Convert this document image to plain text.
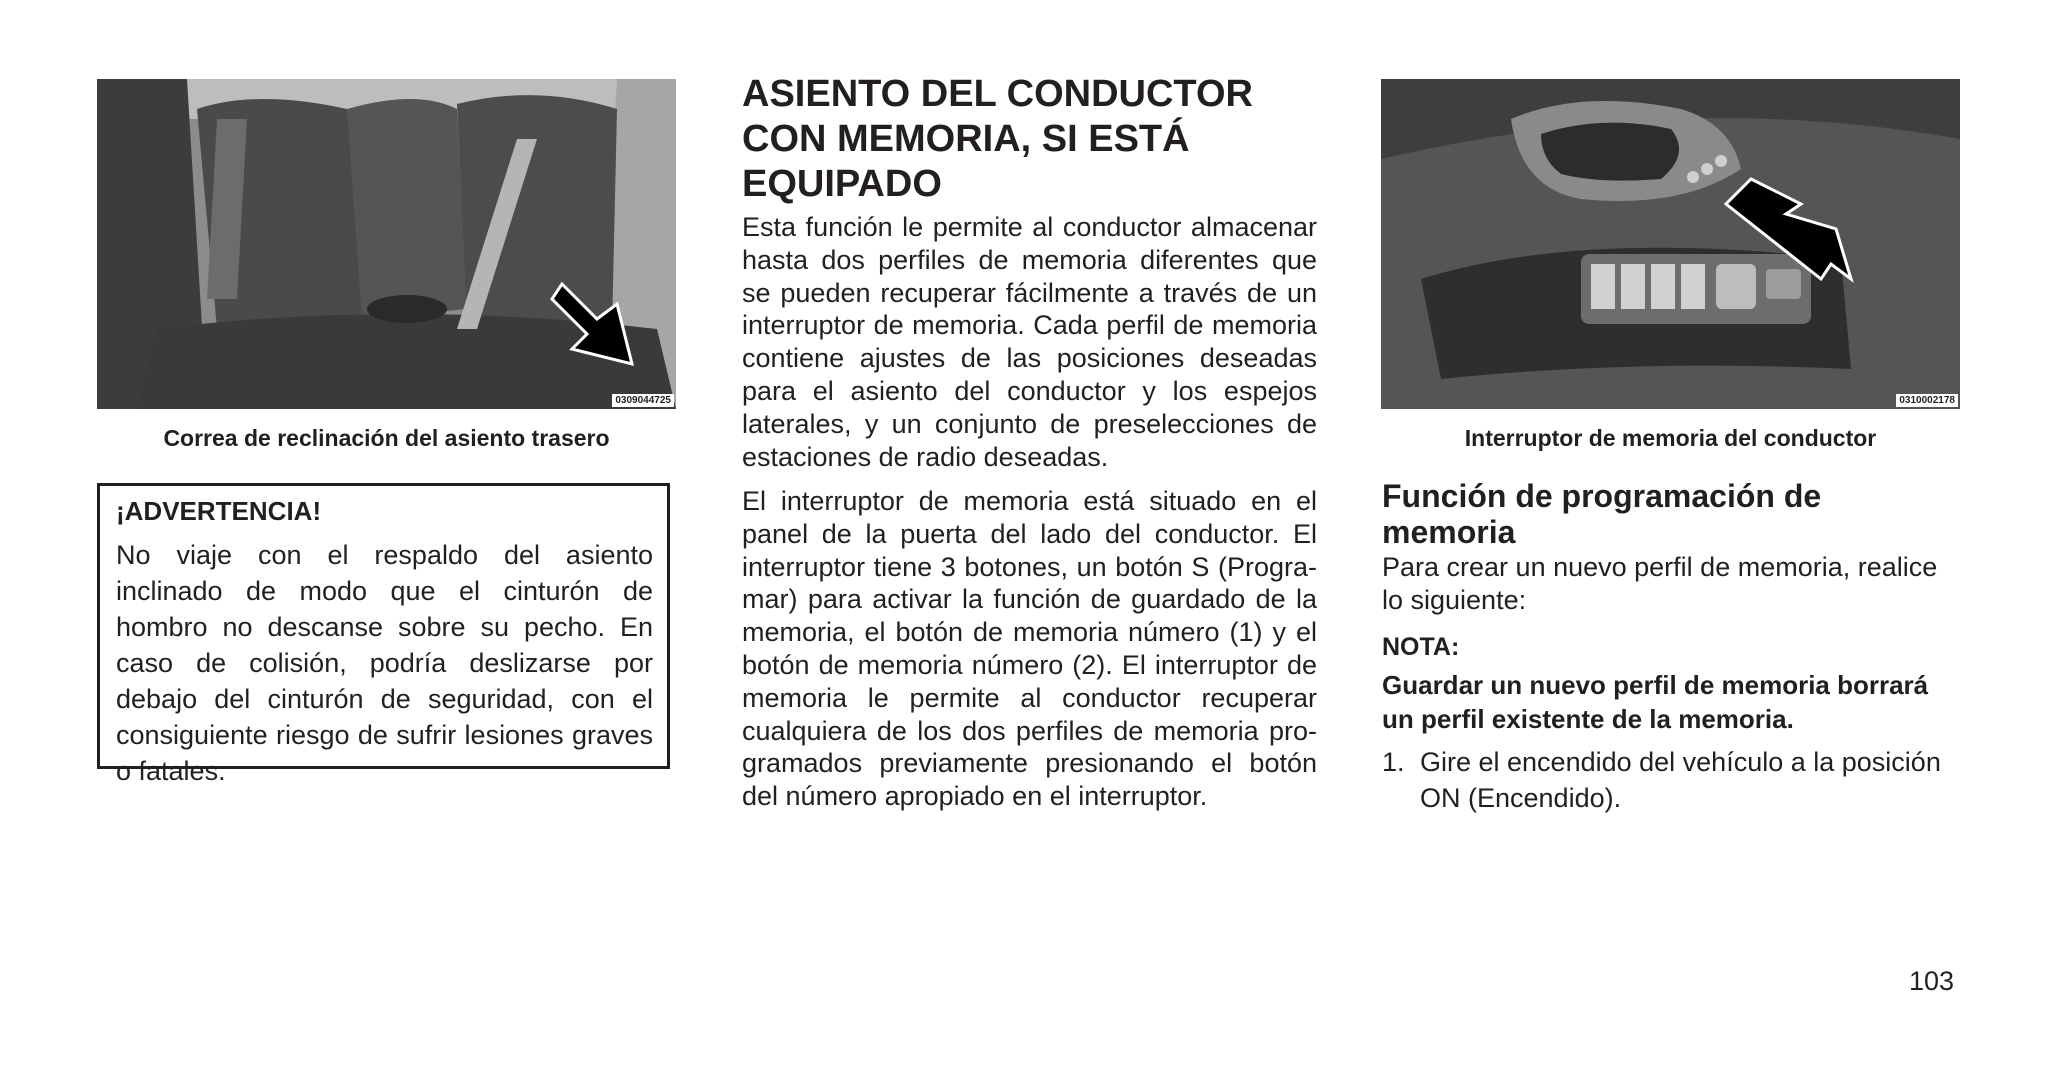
0309044725
Correa de reclinación del asiento trasero

¡ADVERTENCIA!

No viaje con el respaldo del asiento inclinado de modo que el cinturón de hombro no descanse sobre su pecho. En caso de colisión, podría deslizarse por debajo del cinturón de seguridad, con el consiguiente riesgo de sufrir lesiones graves o fatales.

ASIENTO DEL CONDUCTOR CON MEMORIA, SI ESTÁ EQUIPADO

Esta función le permite al conductor almacenar hasta dos perfiles de memoria diferentes que se pueden recuperar fácilmente a través de un interruptor de memoria. Cada perfil de memoria contiene ajustes de las posiciones deseadas para el asiento del conductor y los espejos laterales, y un conjunto de preselecciones de estaciones de radio deseadas.

El interruptor de memoria está situado en el panel de la puerta del lado del conductor. El interruptor tiene 3 botones, un botón S (Programar) para activar la función de guardado de la memoria, el botón de memoria número (1) y el botón de memoria número (2). El interruptor de memoria le permite al conductor recuperar cualquiera de los dos perfiles de memoria programados previamente presionando el botón del número apropiado en el interruptor.

0310002178
Interruptor de memoria del conductor
Función de programación de memoria

Para crear un nuevo perfil de memoria, realice lo siguiente:

NOTA:

Guardar un nuevo perfil de memoria borrará un perfil existente de la memoria.

1. Gire el encendido del vehículo a la posición ON (Encendido).
103
